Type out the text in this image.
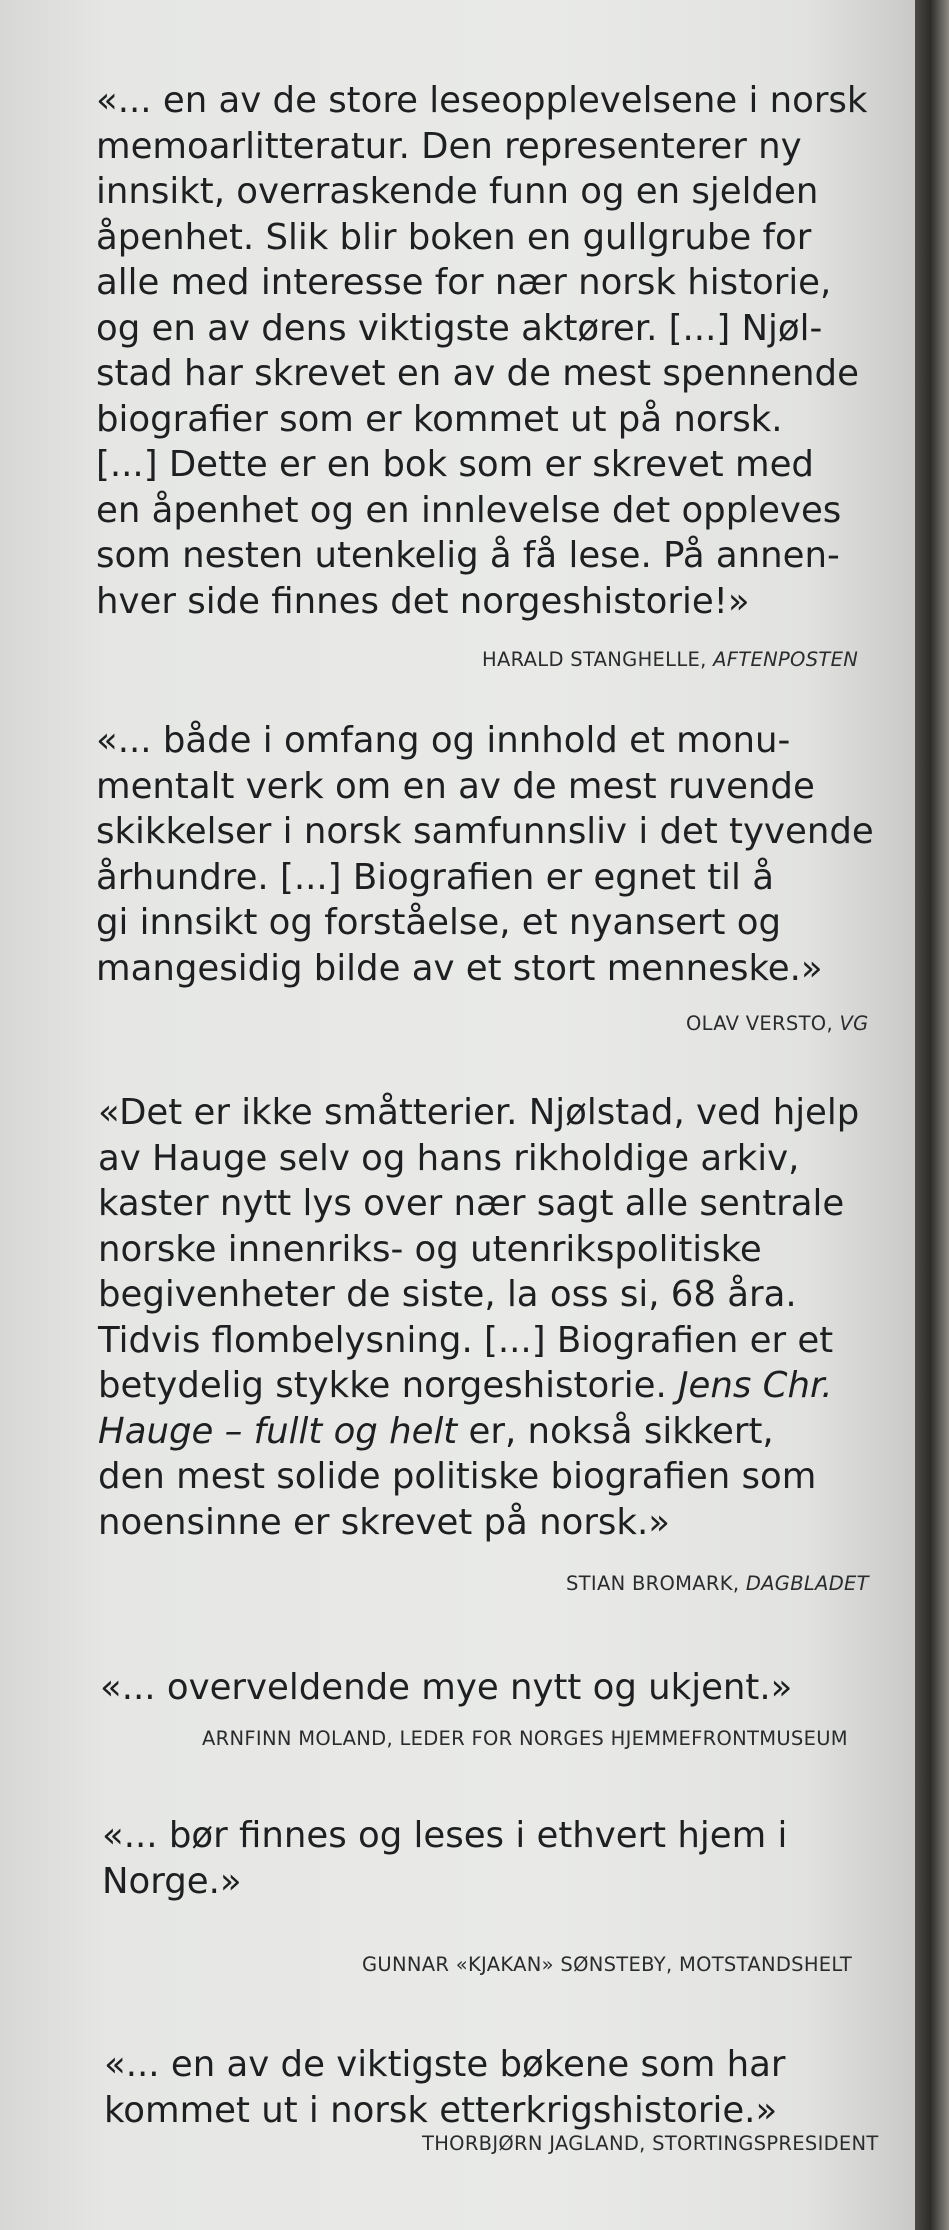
«... en av de store leseopplevelsene i norsk
memoarlitteratur. Den representerer ny
innsikt, overraskende funn og en sjelden
åpenhet. Slik blir boken en gullgrube for
alle med interesse for nær norsk historie,
og en av dens viktigste aktører. [...] Njøl-
stad har skrevet en av de mest spennende
biografier som er kommet ut på norsk.
[...] Dette er en bok som er skrevet med
en åpenhet og en innlevelse det oppleves
som nesten utenkelig å få lese. På annen-
hver side finnes det norgeshistorie!»
HARALD STANGHELLE, AFTENPOSTEN
«... både i omfang og innhold et monu-
mentalt verk om en av de mest ruvende
skikkelser i norsk samfunnsliv i det tyvende
århundre. [...] Biografien er egnet til å
gi innsikt og forståelse, et nyansert og
mangesidig bilde av et stort menneske.»
OLAV VERSTO, VG
«Det er ikke småtterier. Njølstad, ved hjelp
av Hauge selv og hans rikholdige arkiv,
kaster nytt lys over nær sagt alle sentrale
norske innenriks- og utenrikspolitiske
begivenheter de siste, la oss si, 68 åra.
Tidvis flombelysning. [...] Biografien er et
betydelig stykke norgeshistorie. Jens Chr.
Hauge – fullt og helt er, nokså sikkert,
den mest solide politiske biografien som
noensinne er skrevet på norsk.»
STIAN BROMARK, DAGBLADET
«... overveldende mye nytt og ukjent.»
ARNFINN MOLAND, LEDER FOR NORGES HJEMMEFRONTMUSEUM
«... bør finnes og leses i ethvert hjem i
Norge.»
GUNNAR «KJAKAN» SØNSTEBY, MOTSTANDSHELT
«... en av de viktigste bøkene som har
kommet ut i norsk etterkrigshistorie.»
THORBJØRN JAGLAND, STORTINGSPRESIDENT
